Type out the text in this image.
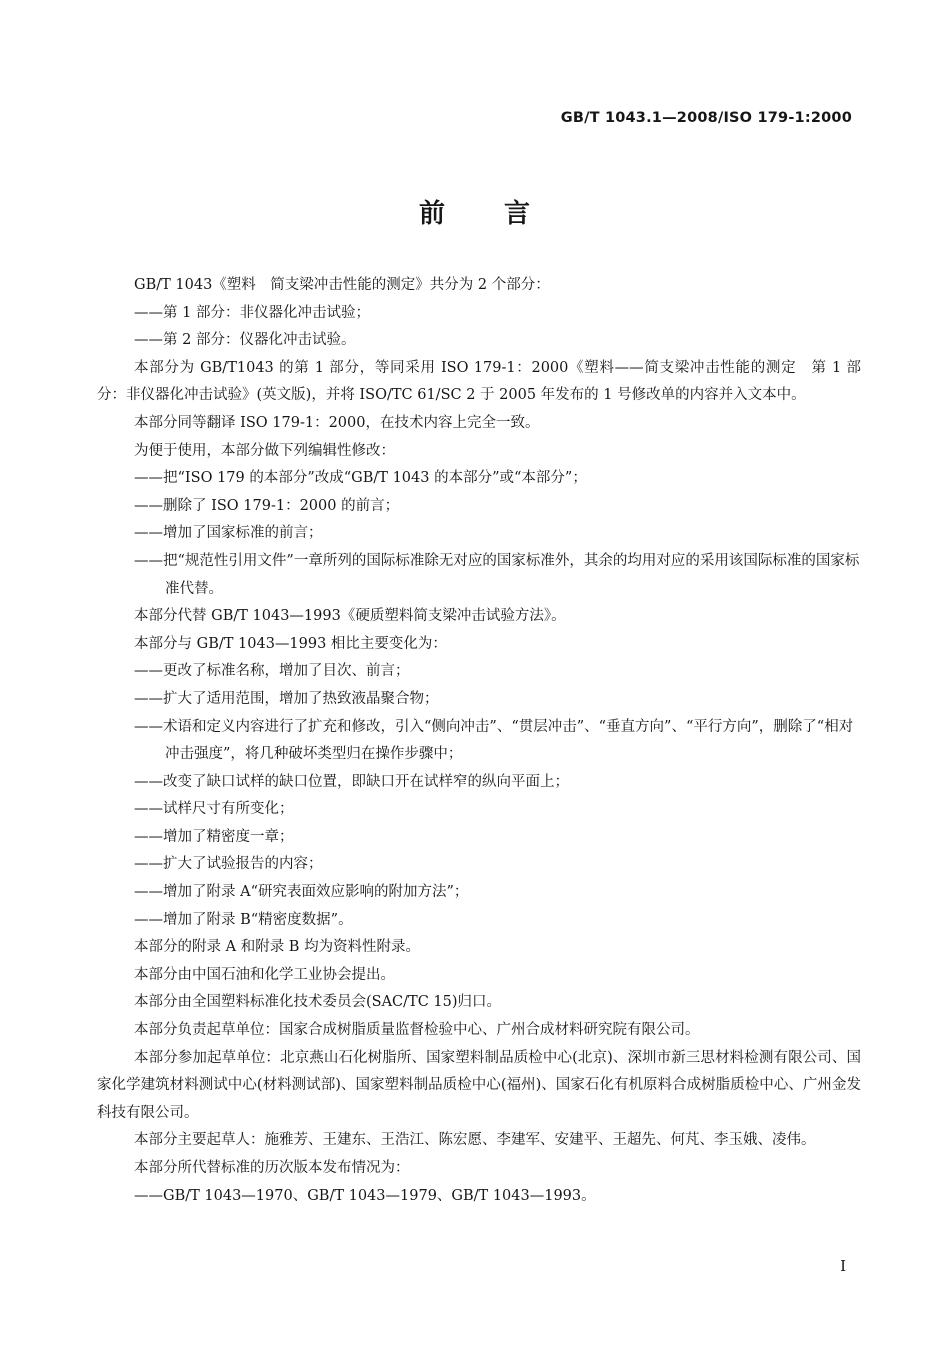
GB/T 1043.1—2008/ISO 179-1:2000
前 言
GB/T 1043《塑料　简支梁冲击性能的测定》共分为 2 个部分：
——第 1 部分：非仪器化冲击试验；
——第 2 部分：仪器化冲击试验。
本部分为 GB/T1043 的第 1 部分，等同采用 ISO 179-1：2000《塑料——简支梁冲击性能的测定　第 1 部分：非仪器化冲击试验》(英文版)，并将 ISO/TC 61/SC 2 于 2005 年发布的 1 号修改单的内容并入文本中。
本部分同等翻译 ISO 179-1：2000，在技术内容上完全一致。
为便于使用，本部分做下列编辑性修改：
——把“ISO 179 的本部分”改成“GB/T 1043 的本部分”或“本部分”；
——删除了 ISO 179-1：2000 的前言；
——增加了国家标准的前言；
——把“规范性引用文件”一章所列的国际标准除无对应的国家标准外，其余的均用对应的采用该国际标准的国家标准代替。
本部分代替 GB/T 1043—1993《硬质塑料简支梁冲击试验方法》。
本部分与 GB/T 1043—1993 相比主要变化为：
——更改了标准名称，增加了目次、前言；
——扩大了适用范围，增加了热致液晶聚合物；
——术语和定义内容进行了扩充和修改，引入“侧向冲击”、“贯层冲击”、“垂直方向”、“平行方向”，删除了“相对冲击强度”，将几种破坏类型归在操作步骤中；
——改变了缺口试样的缺口位置，即缺口开在试样窄的纵向平面上；
——试样尺寸有所变化；
——增加了精密度一章；
——扩大了试验报告的内容；
——增加了附录 A“研究表面效应影响的附加方法”；
——增加了附录 B“精密度数据”。
本部分的附录 A 和附录 B 均为资料性附录。
本部分由中国石油和化学工业协会提出。
本部分由全国塑料标准化技术委员会(SAC/TC 15)归口。
本部分负责起草单位：国家合成树脂质量监督检验中心、广州合成材料研究院有限公司。
本部分参加起草单位：北京燕山石化树脂所、国家塑料制品质检中心(北京)、深圳市新三思材料检测有限公司、国家化学建筑材料测试中心(材料测试部)、国家塑料制品质检中心(福州)、国家石化有机原料合成树脂质检中心、广州金发科技有限公司。
本部分主要起草人：施雅芳、王建东、王浩江、陈宏愿、李建军、安建平、王超先、何芃、李玉娥、凌伟。
本部分所代替标准的历次版本发布情况为：
——GB/T 1043—1970、GB/T 1043—1979、GB/T 1043—1993。
I
